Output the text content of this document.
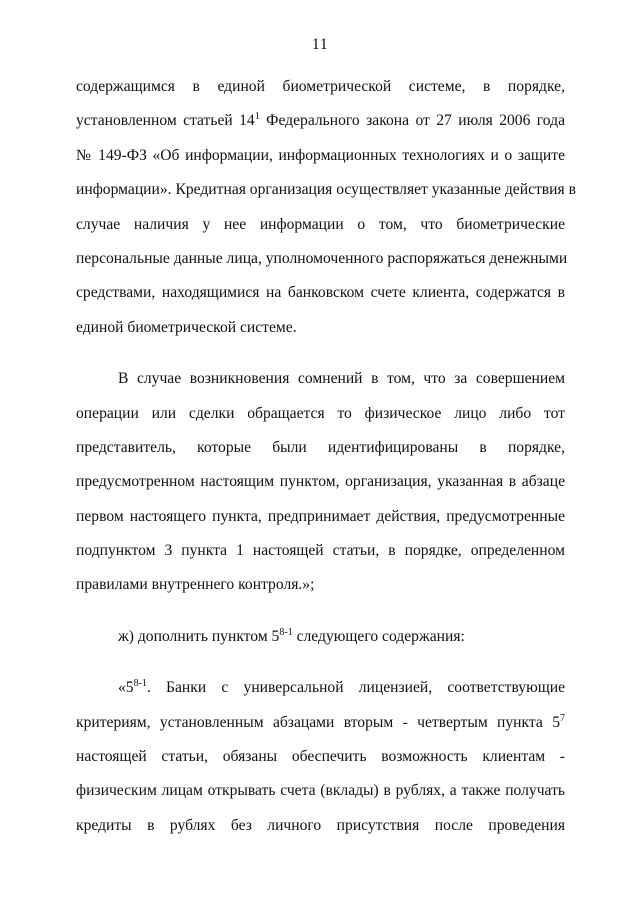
11

содержащимся в единой биометрической системе, в порядке,
установленном статьей $14^1$ Федерального закона от 27 июля 2006 года
№ 149-ФЗ «Об информации, информационных технологиях и о защите
информации». Кредитная организация осуществляет указанные действия в
случае наличия у нее информации о том, что биометрические
персональные данные лица, уполномоченного распоряжаться денежными
средствами, находящимися на банковском счете клиента, содержатся в
единой биометрической системе.

В случае возникновения сомнений в том, что за совершением
операции или сделки обращается то физическое лицо либо тот
представитель, которые были идентифицированы в порядке,
предусмотренном настоящим пунктом, организация, указанная в абзаце
первом настоящего пункта, предпринимает действия, предусмотренные
подпунктом 3 пункта 1 настоящей статьи, в порядке, определенном
правилами внутреннего контроля.»;

ж) дополнить пунктом 5$^{8-1}$ следующего содержания:

«5$^{8-1}$. Банки с универсальной лицензией, соответствующие
критериям, установленным абзацами вторым - четвертым пункта $5^7$
настоящей статьи, обязаны обеспечить возможность клиентам -
физическим лицам открывать счета (вклады) в рублях, а также получать
кредиты в рублях без личного присутствия после проведения
